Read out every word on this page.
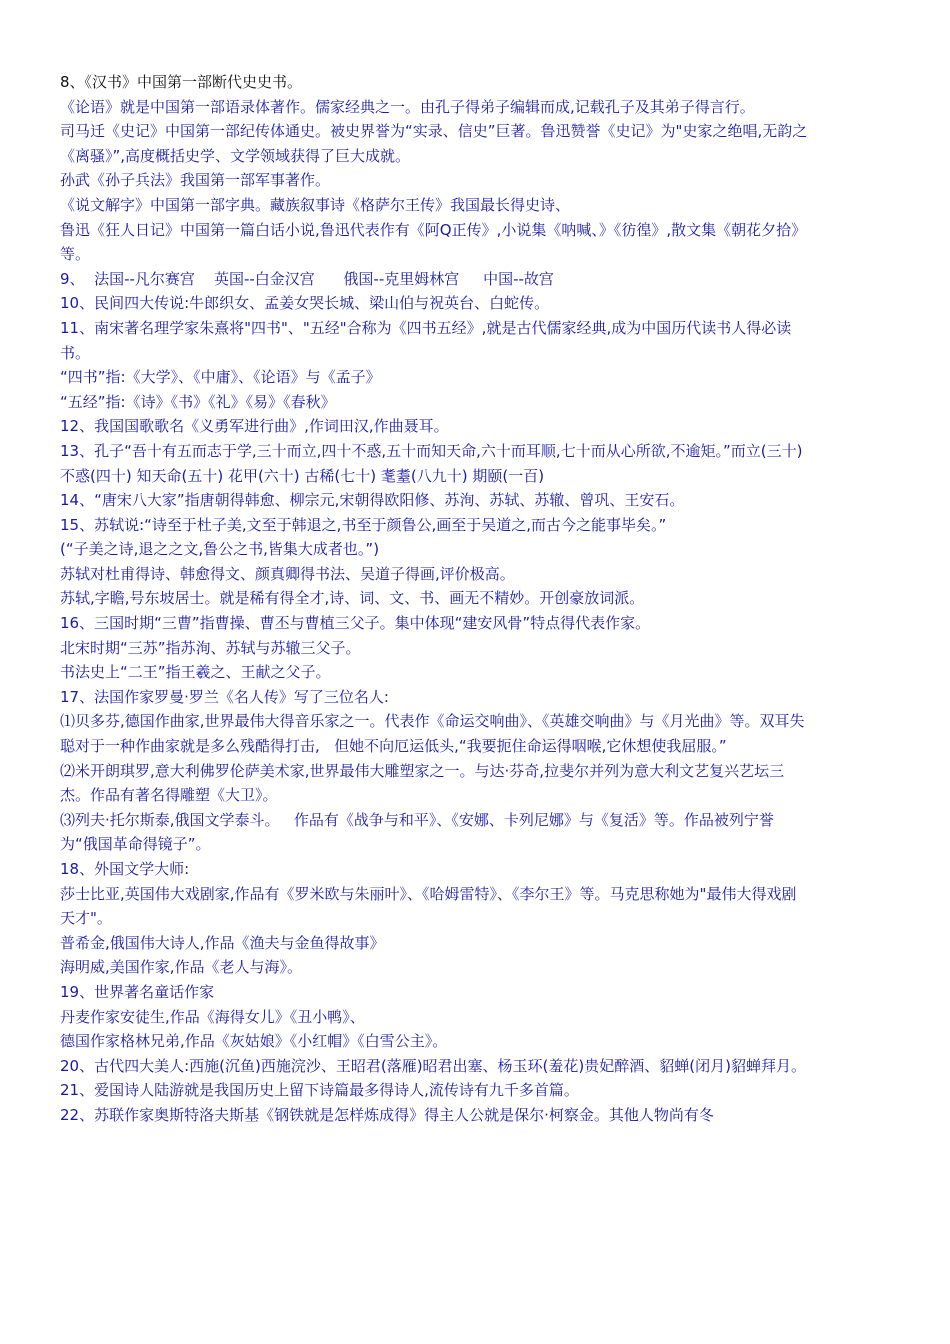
8、《汉书》中国第一部断代史史书。

《论语》就是中国第一部语录体著作。儒家经典之一。由孔子得弟子编辑而成,记载孔子及其弟子得言行。

司马迁《史记》中国第一部纪传体通史。被史界誉为“实录、信史”巨著。鲁迅赞誉《史记》为"史家之绝唱,无韵之《离骚》”,高度概括史学、文学领域获得了巨大成就。

孙武《孙子兵法》我国第一部军事著作。

《说文解字》中国第一部字典。藏族叙事诗《格萨尔王传》我国最长得史诗、

鲁迅《狂人日记》中国第一篇白话小说,鲁迅代表作有《阿Q正传》,小说集《呐喊、》《彷徨》,散文集《朝花夕拾》等。

9、  法国--凡尔赛宫    英国--白金汉宫      俄国--克里姆林宫     中国--故宫

10、民间四大传说:牛郎织女、孟姜女哭长城、梁山伯与祝英台、白蛇传。

11、南宋著名理学家朱熹将"四书"、"五经"合称为《四书五经》,就是古代儒家经典,成为中国历代读书人得必读书。

“四书”指:《大学》、《中庸》、《论语》与《孟子》

“五经”指:《诗》《书》《礼》《易》《春秋》

12、我国国歌歌名《义勇军进行曲》,作词田汉,作曲聂耳。

13、孔子“吾十有五而志于学,三十而立,四十不惑,五十而知天命,六十而耳顺,七十而从心所欲,不逾矩。”而立(三十) 不惑(四十) 知天命(五十) 花甲(六十) 古稀(七十) 耄耋(八九十) 期颐(一百)

14、“唐宋八大家”指唐朝得韩愈、柳宗元,宋朝得欧阳修、苏洵、苏轼、苏辙、曾巩、王安石。

15、苏轼说:“诗至于杜子美,文至于韩退之,书至于颜鲁公,画至于吴道之,而古今之能事毕矣。”

(“子美之诗,退之之文,鲁公之书,皆集大成者也。”)

苏轼对杜甫得诗、韩愈得文、颜真卿得书法、吴道子得画,评价极高。

苏轼,字瞻,号东坡居士。就是稀有得全才,诗、词、文、书、画无不精妙。开创豪放词派。

16、三国时期“三曹”指曹操、曹丕与曹植三父子。集中体现“建安风骨”特点得代表作家。

北宋时期“三苏”指苏洵、苏轼与苏辙三父子。

书法史上“二王”指王羲之、王献之父子。

17、法国作家罗曼·罗兰《名人传》写了三位名人:

⑴贝多芬,德国作曲家,世界最伟大得音乐家之一。代表作《命运交响曲》、《英雄交响曲》与《月光曲》等。双耳失聪对于一种作曲家就是多么残酷得打击,   但她不向厄运低头,“我要扼住命运得咽喉,它休想使我屈服。”

⑵米开朗琪罗,意大利佛罗伦萨美术家,世界最伟大雕塑家之一。与达·芬奇,拉斐尔并列为意大利文艺复兴艺坛三杰。作品有著名得雕塑《大卫》。

⑶列夫·托尔斯泰,俄国文学泰斗。   作品有《战争与和平》、《安娜、卡列尼娜》与《复活》等。作品被列宁誉为“俄国革命得镜子”。

18、外国文学大师:

莎士比亚,英国伟大戏剧家,作品有《罗米欧与朱丽叶》、《哈姆雷特》、《李尔王》等。马克思称她为"最伟大得戏剧天才"。

普希金,俄国伟大诗人,作品《渔夫与金鱼得故事》

海明威,美国作家,作品《老人与海》。

19、世界著名童话作家

丹麦作家安徒生,作品《海得女儿》《丑小鸭》、

德国作家格林兄弟,作品《灰姑娘》《小红帽》《白雪公主》。

20、古代四大美人:西施(沉鱼)西施浣沙、王昭君(落雁)昭君出塞、杨玉环(羞花)贵妃醉酒、貂蝉(闭月)貂蝉拜月。

21、爱国诗人陆游就是我国历史上留下诗篇最多得诗人,流传诗有九千多首篇。

22、苏联作家奥斯特洛夫斯基《钢铁就是怎样炼成得》得主人公就是保尔·柯察金。其他人物尚有冬
